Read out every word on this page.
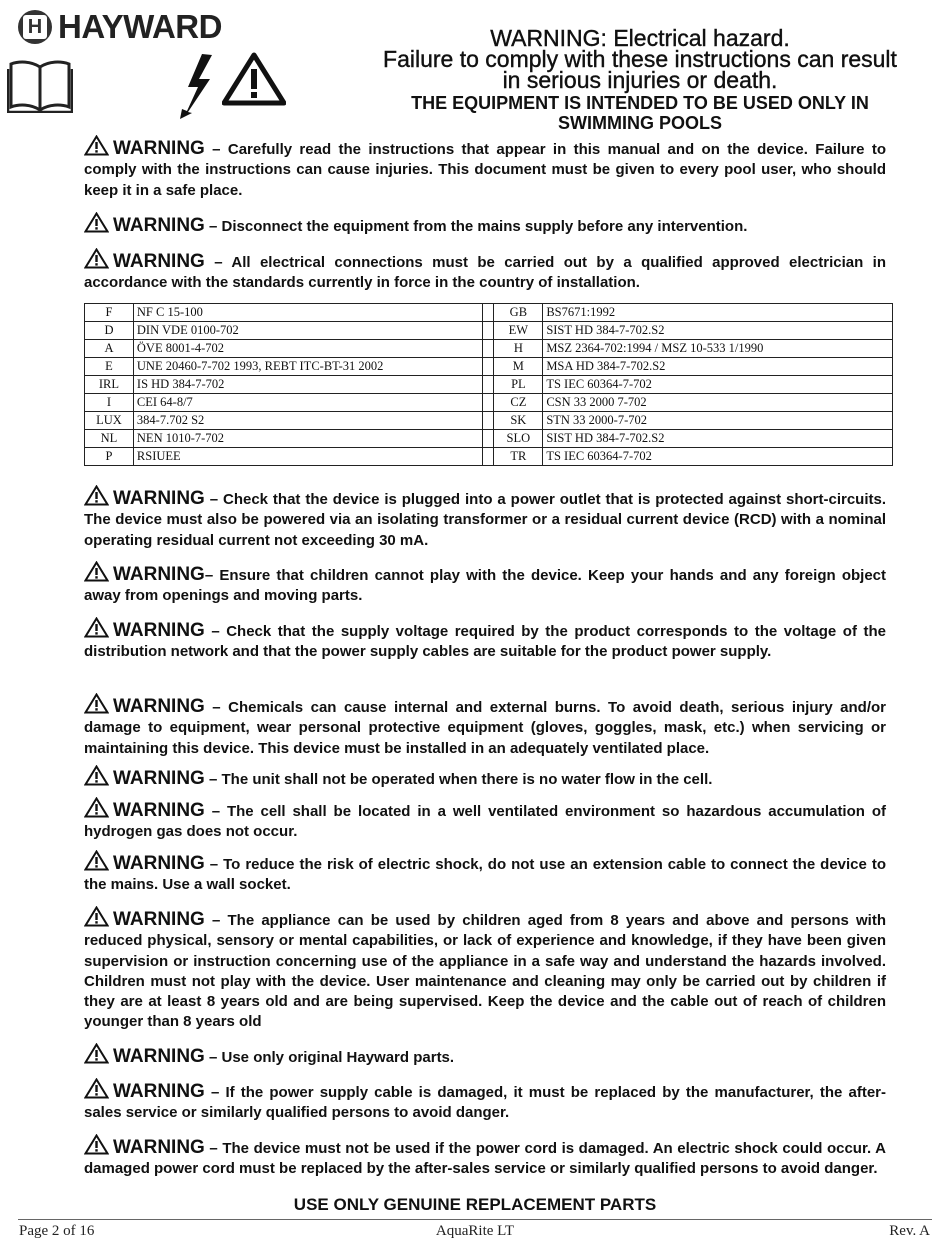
H HAYWARD	WARNING: Electrical hazard.
Failure to comply with these instructions can result
in serious injuries or death.
THE EQUIPMENT IS INTENDED TO BE USED ONLY IN
SWIMMING POOLS
WARNING – Carefully read the instructions that appear in this manual and on the device. Failure to comply with the instructions can cause injuries. This document must be given to every pool user, who should keep it in a safe place.
WARNING – Disconnect the equipment from the mains supply before any intervention.
WARNING – All electrical connections must be carried out by a qualified approved electrician in accordance with the standards currently in force in the country of installation.
F	NF C 15-100		GB	BS7671:1992
D	DIN VDE 0100-702		EW	SIST HD 384-7-702.S2
A	ÖVE 8001-4-702		H	MSZ 2364-702:1994 / MSZ 10-533 1/1990
E	UNE 20460-7-702 1993, REBT ITC-BT-31 2002		M	MSA HD 384-7-702.S2
IRL	IS HD 384-7-702		PL	TS IEC 60364-7-702
I	CEI 64-8/7		CZ	CSN 33 2000 7-702
LUX	384-7.702 S2		SK	STN 33 2000-7-702
NL	NEN 1010-7-702		SLO	SIST HD 384-7-702.S2
P	RSIUEE		TR	TS IEC 60364-7-702
WARNING – Check that the device is plugged into a power outlet that is protected against short-circuits. The device must also be powered via an isolating transformer or a residual current device (RCD) with a nominal operating residual current not exceeding 30 mA.
WARNING– Ensure that children cannot play with the device. Keep your hands and any foreign object away from openings and moving parts.
WARNING – Check that the supply voltage required by the product corresponds to the voltage of the distribution network and that the power supply cables are suitable for the product power supply.
WARNING – Chemicals can cause internal and external burns. To avoid death, serious injury and/or damage to equipment, wear personal protective equipment (gloves, goggles, mask, etc.) when servicing or maintaining this device. This device must be installed in an adequately ventilated place.
WARNING – The unit shall not be operated when there is no water flow in the cell.
WARNING – The cell shall be located in a well ventilated environment so hazardous accumulation of hydrogen gas does not occur.
WARNING – To reduce the risk of electric shock, do not use an extension cable to connect the device to the mains. Use a wall socket.
WARNING – The appliance can be used by children aged from 8 years and above and persons with reduced physical, sensory or mental capabilities, or lack of experience and knowledge, if they have been given supervision or instruction concerning use of the appliance in a safe way and understand the hazards involved. Children must not play with the device. User maintenance and cleaning may only be carried out by children if they are at least 8 years old and are being supervised. Keep the device and the cable out of reach of children younger than 8 years old
WARNING – Use only original Hayward parts.
WARNING – If the power supply cable is damaged, it must be replaced by the manufacturer, the after-sales service or similarly qualified persons to avoid danger.
WARNING – The device must not be used if the power cord is damaged. An electric shock could occur. A damaged power cord must be replaced by the after-sales service or similarly qualified persons to avoid danger.
USE ONLY GENUINE REPLACEMENT PARTS
Page 2 of 16	AquaRite LT	Rev. A
